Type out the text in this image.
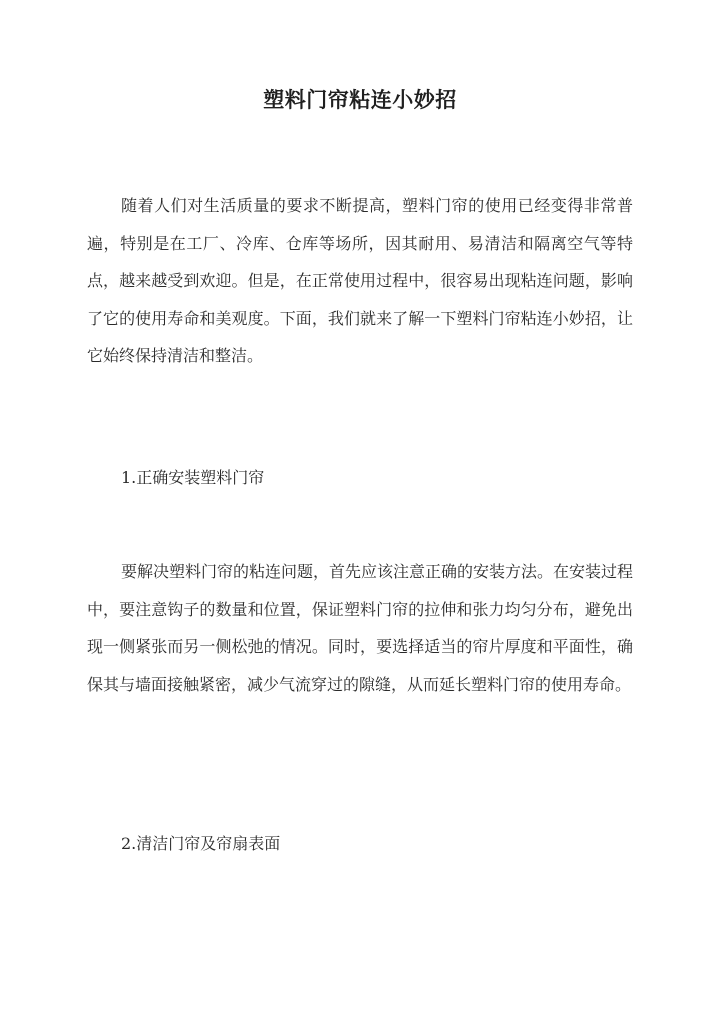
塑料门帘粘连小妙招
随着人们对生活质量的要求不断提高，塑料门帘的使用已经变得非常普遍，特别是在工厂、冷库、仓库等场所，因其耐用、易清洁和隔离空气等特点，越来越受到欢迎。但是，在正常使用过程中，很容易出现粘连问题，影响了它的使用寿命和美观度。下面，我们就来了解一下塑料门帘粘连小妙招，让它始终保持清洁和整洁。
1.正确安装塑料门帘
要解决塑料门帘的粘连问题，首先应该注意正确的安装方法。在安装过程中，要注意钩子的数量和位置，保证塑料门帘的拉伸和张力均匀分布，避免出现一侧紧张而另一侧松弛的情况。同时，要选择适当的帘片厚度和平面性，确保其与墙面接触紧密，减少气流穿过的隙缝，从而延长塑料门帘的使用寿命。
2.清洁门帘及帘扇表面
